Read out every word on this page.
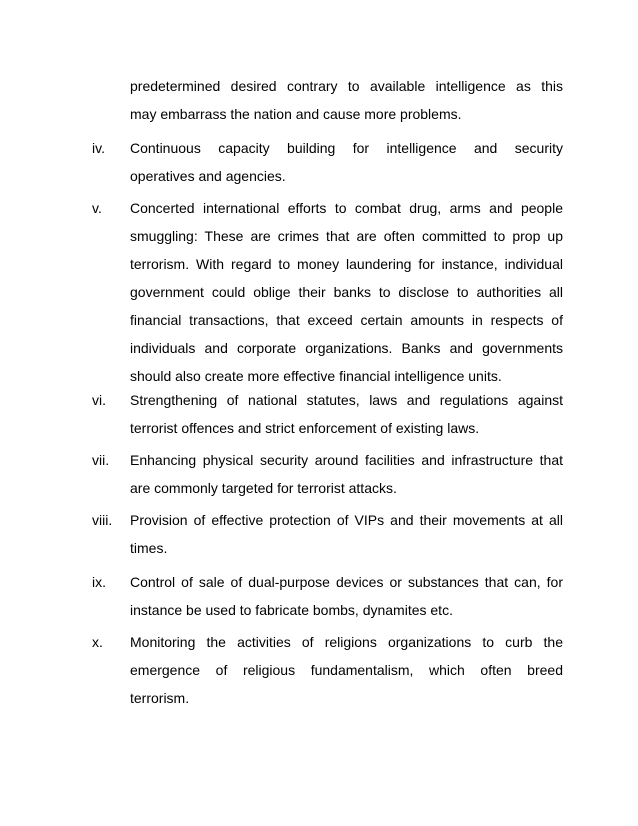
predetermined desired contrary to available intelligence as this
may embarrass the nation and cause more problems.
iv.	Continuous capacity building for intelligence and security
operatives and agencies.
v.	Concerted international efforts to combat drug, arms and people
smuggling: These are crimes that are often committed to prop up
terrorism. With regard to money laundering for instance, individual
government could oblige their banks to disclose to authorities all
financial transactions, that exceed certain amounts in respects of
individuals and corporate organizations. Banks and governments
should also create more effective financial intelligence units.
vi.	Strengthening of national statutes, laws and regulations against
terrorist offences and strict enforcement of existing laws.
vii.	Enhancing physical security around facilities and infrastructure that
are commonly targeted for terrorist attacks.
viii.	Provision of effective protection of VIPs and their movements at all
times.
ix.	Control of sale of dual-purpose devices or substances that can, for
instance be used to fabricate bombs, dynamites etc.
x.	Monitoring the activities of religions organizations to curb the
emergence of religious fundamentalism, which often breed
terrorism.
